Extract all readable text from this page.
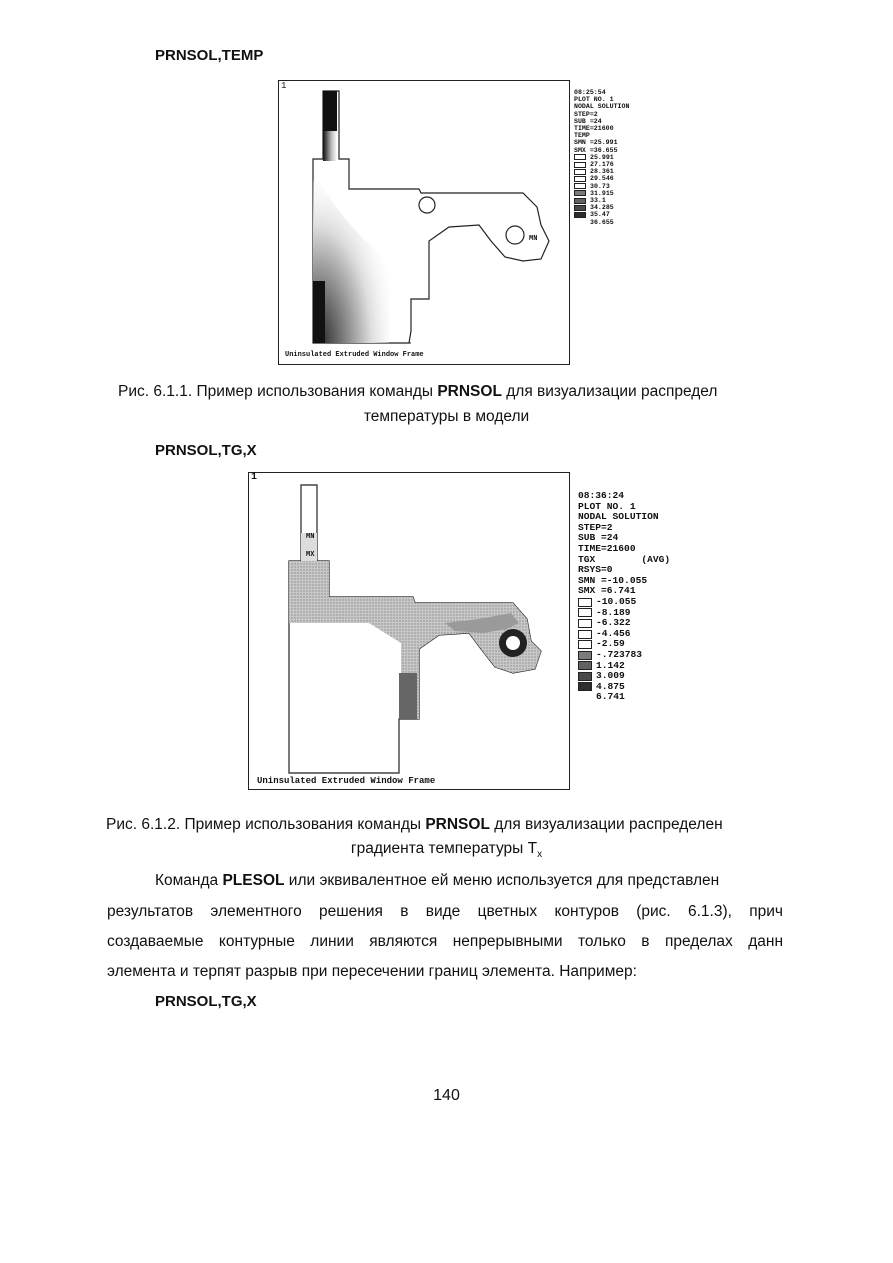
PRNSOL,TEMP
1
MN
Uninsulated Extruded Window Frame
08:25:54
PLOT NO. 1
NODAL SOLUTION
STEP=2
SUB =24
TIME=21600
TEMP
SMN =25.991
SMX =36.655
25.991
27.176
28.361
29.546
30.73
31.915
33.1
34.285
35.47
36.655
Рис. 6.1.1. Пример использования команды PRNSOL для визуализации распредел
температуры в модели
PRNSOL,TG,X
1
MN
MX
Uninsulated Extruded Window Frame
08:36:24
PLOT NO. 1
NODAL SOLUTION
STEP=2
SUB =24
TIME=21600
TGX        (AVG)
RSYS=0
SMN =-10.055
SMX =6.741
-10.055
-8.189
-6.322
-4.456
-2.59
-.723783
1.142
3.009
4.875
6.741
Рис. 6.1.2. Пример использования команды PRNSOL для визуализации распределен
градиента температуры $Т_x$
Команда PLESOL или эквивалентное ей меню используется для представлен
результатов элементного решения в виде цветных контуров (рис. 6.1.3), прич
создаваемые контурные линии являются непрерывными только в пределах данн
элемента и терпят разрыв при пересечении границ элемента. Например:
PRNSOL,TG,X
140
